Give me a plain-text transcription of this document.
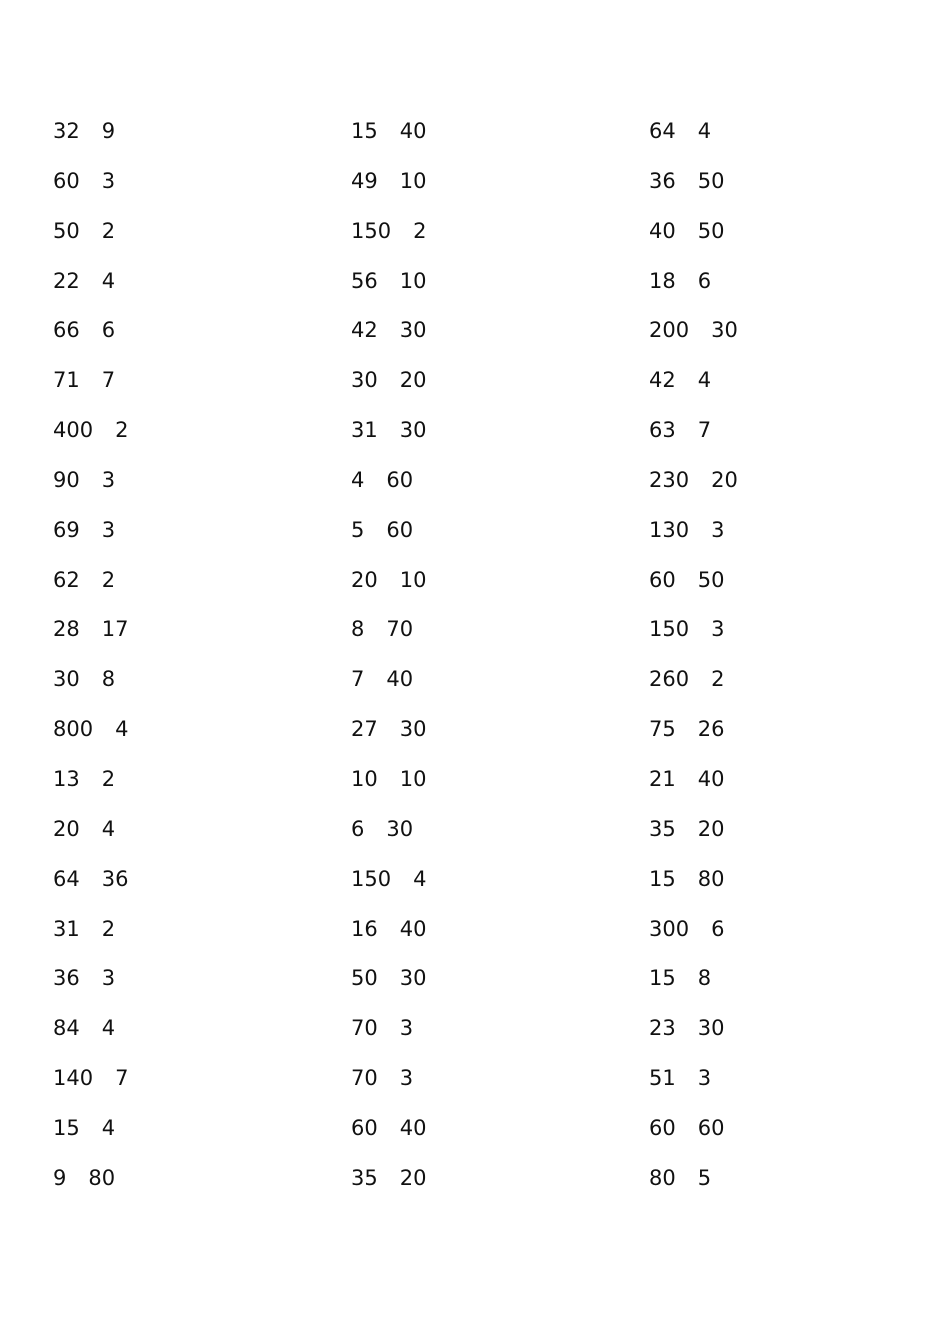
32 9
60 3
50 2
22 4
66 6
71 7
400 2
90 3
69 3
62 2
28 17
30 8
800 4
13 2
20 4
64 36
31 2
36 3
84 4
140 7
15 4
9 80
15 40
49 10
150 2
56 10
42 30
30 20
31 30
4 60
5 60
20 10
8 70
7 40
27 30
10 10
6 30
150 4
16 40
50 30
70 3
70 3
60 40
35 20
64 4
36 50
40 50
18 6
200 30
42 4
63 7
230 20
130 3
60 50
150 3
260 2
75 26
21 40
35 20
15 80
300 6
15 8
23 30
51 3
60 60
80 5
